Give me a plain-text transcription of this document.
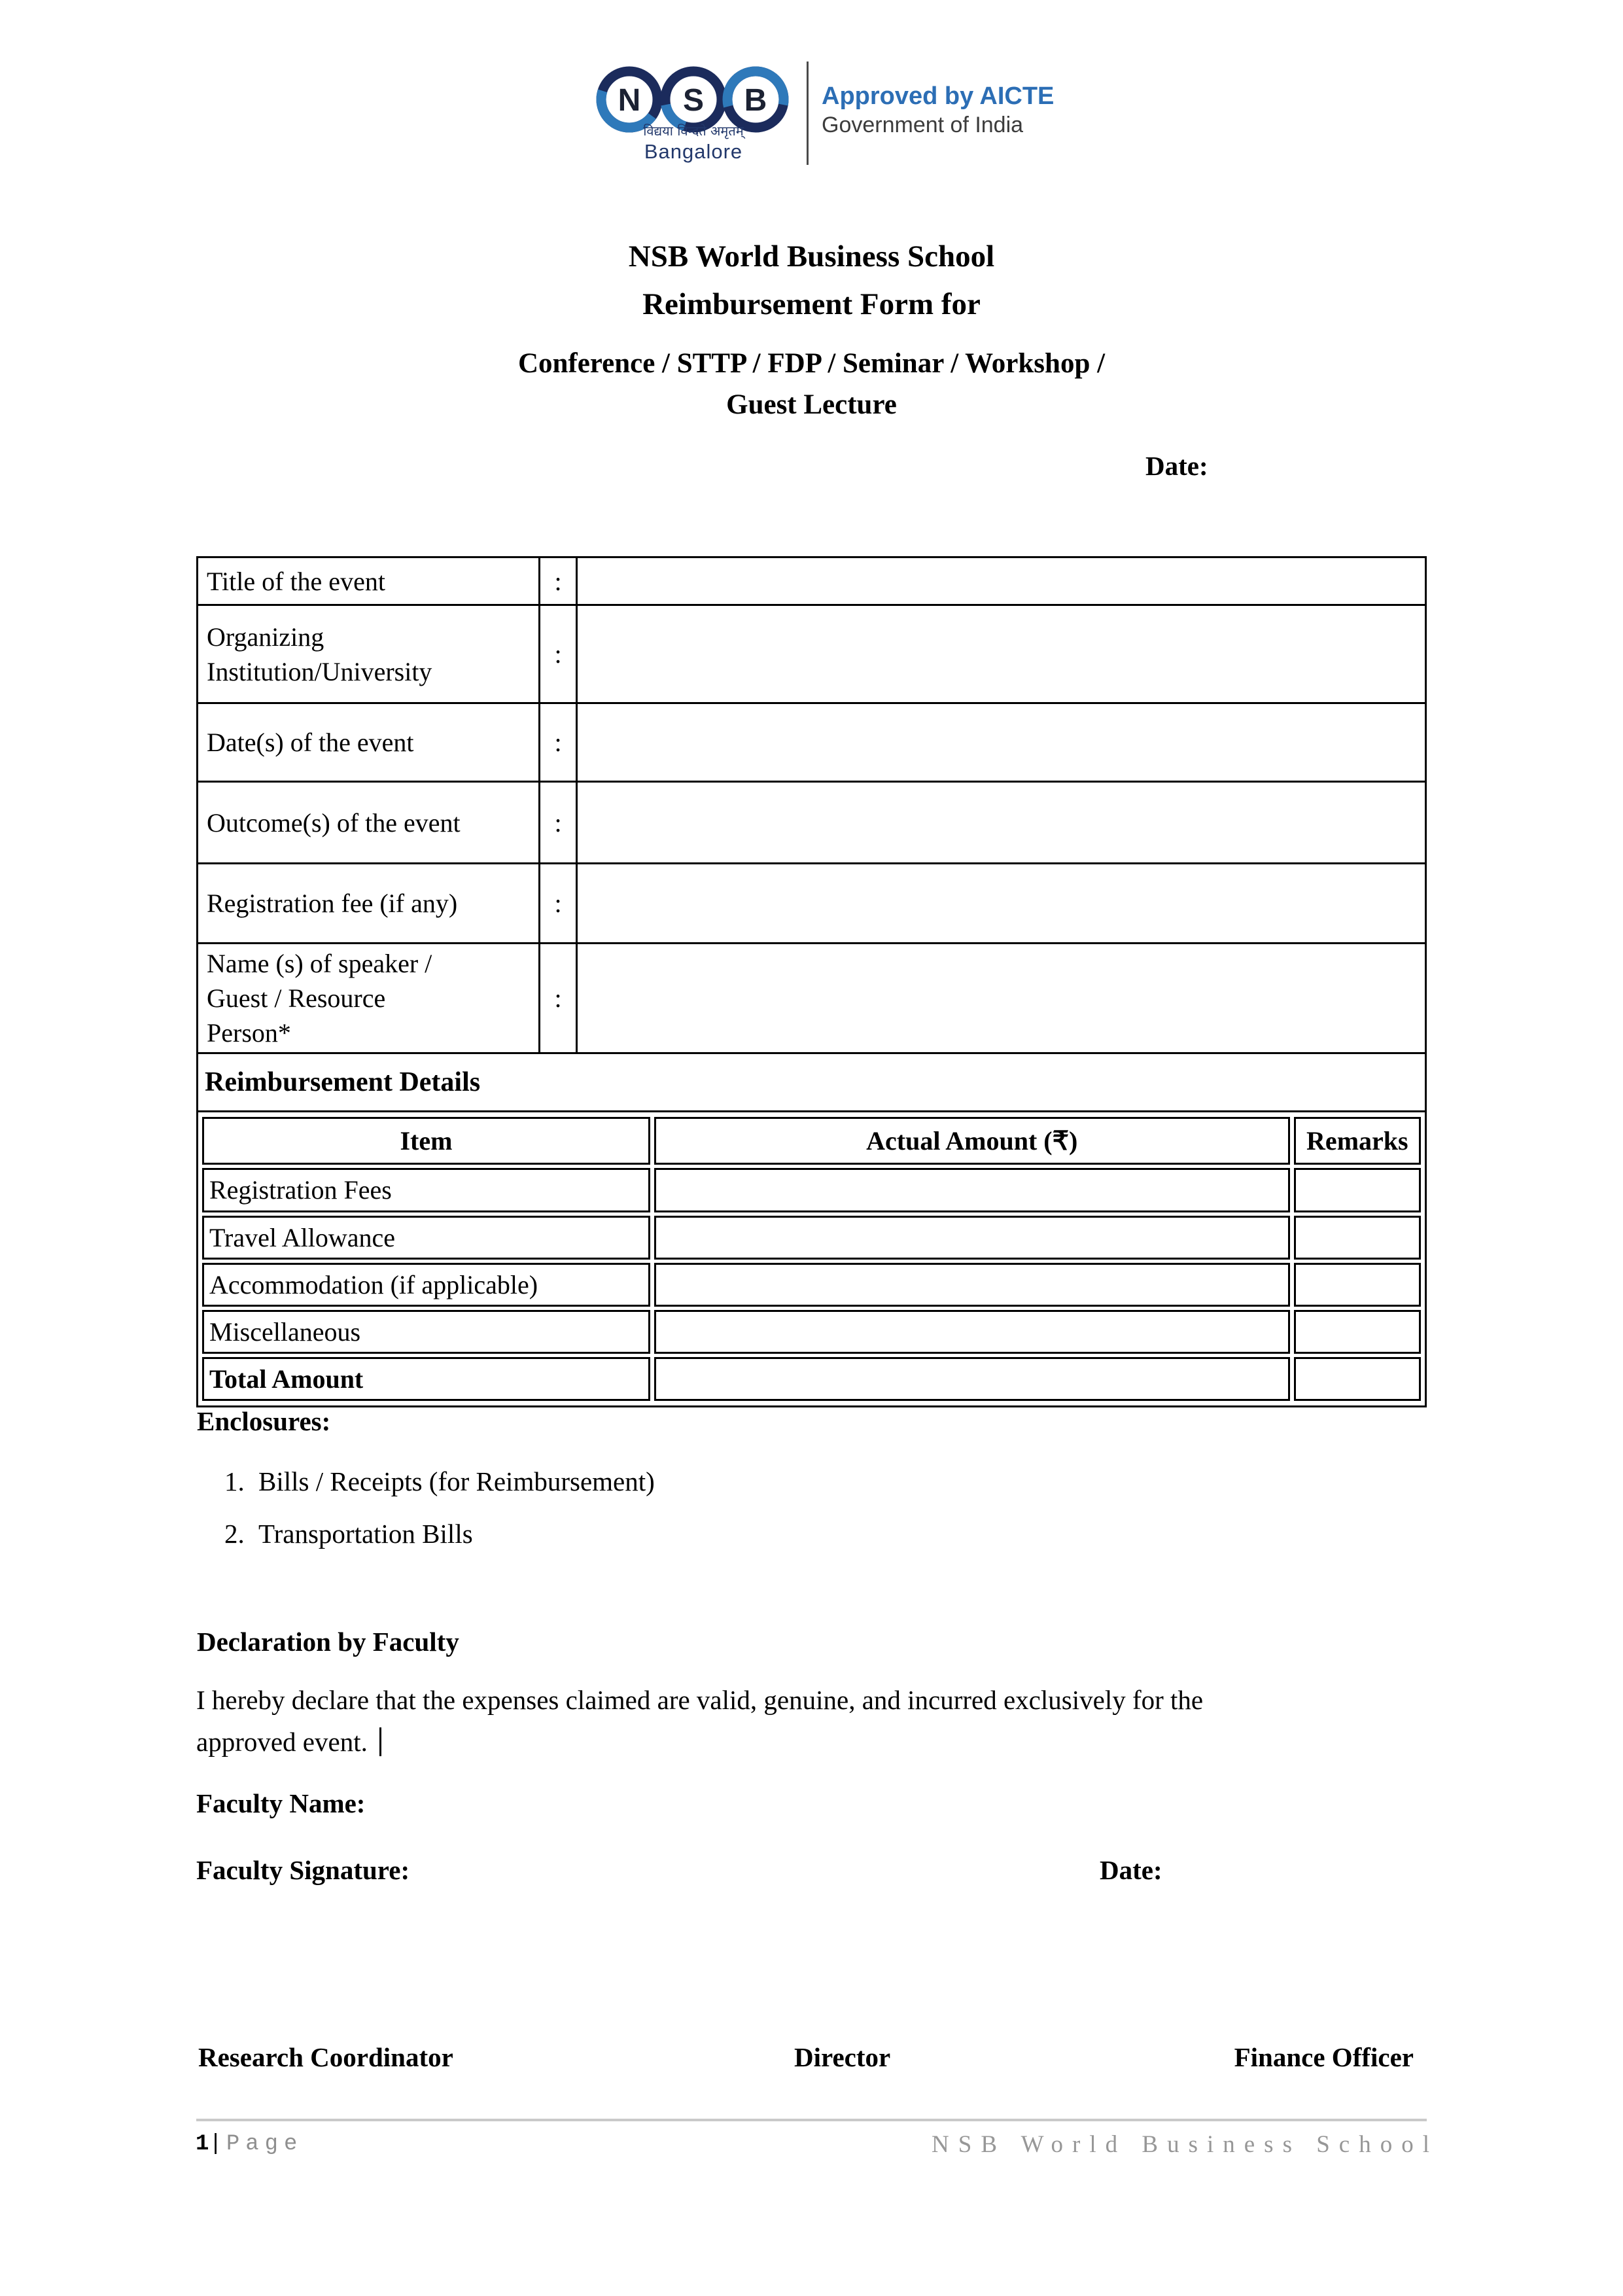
N S B
विद्यया विन्दते अमृतम्
Bangalore
Approved by AICTE
Government of India
NSB World Business School
Reimbursement Form for
Conference / STTP / FDP / Seminar / Workshop /
Guest Lecture
Date:
Title of the event	:	

Organizing
Institution/University
	:	

Date(s) of the event	:	

Outcome(s) of the event	:	

Registration fee (if any)	:	

Name (s) of speaker /
Guest / Resource
Person*
	:	
Reimbursement Details

Item	Actual Amount (₹)	Remarks
Registration Fees		
Travel Allowance		
Accommodation (if applicable)		
Miscellaneous		
Total Amount		
Enclosures:
1. Bills / Receipts (for Reimbursement)
2. Transportation Bills
Declaration by Faculty
I hereby declare that the expenses claimed are valid, genuine, and incurred exclusively for the
approved event.
Faculty Name:
Faculty Signature:	Date:
Research Coordinator	Director	Finance Officer
1| Page	NSB World Business School
